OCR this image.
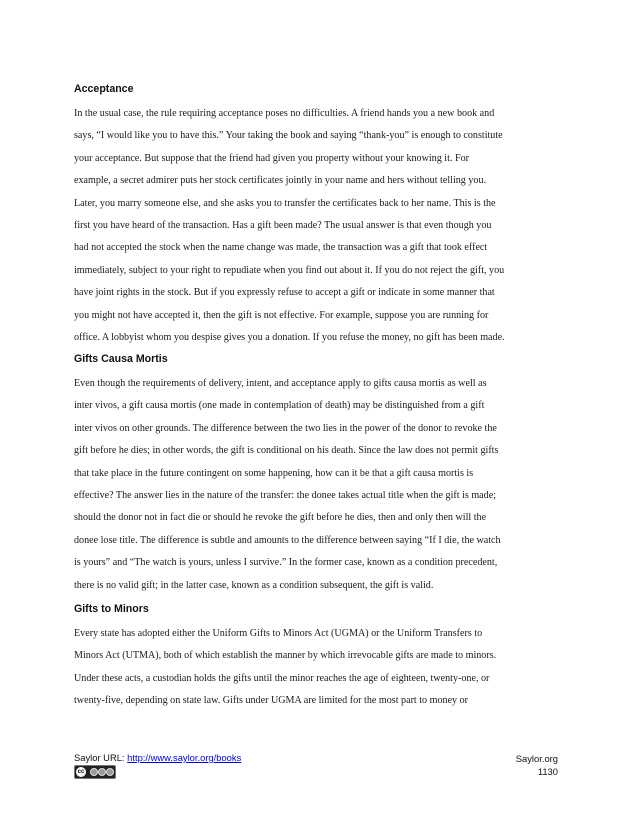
Acceptance
In the usual case, the rule requiring acceptance poses no difficulties. A friend hands you a new book and
says, “I would like you to have this.” Your taking the book and saying “thank-you” is enough to constitute
your acceptance. But suppose that the friend had given you property without your knowing it. For
example, a secret admirer puts her stock certificates jointly in your name and hers without telling you.
Later, you marry someone else, and she asks you to transfer the certificates back to her name. This is the
first you have heard of the transaction. Has a gift been made? The usual answer is that even though you
had not accepted the stock when the name change was made, the transaction was a gift that took effect
immediately, subject to your right to repudiate when you find out about it. If you do not reject the gift, you
have joint rights in the stock. But if you expressly refuse to accept a gift or indicate in some manner that
you might not have accepted it, then the gift is not effective. For example, suppose you are running for
office. A lobbyist whom you despise gives you a donation. If you refuse the money, no gift has been made.
Gifts Causa Mortis
Even though the requirements of delivery, intent, and acceptance apply to gifts causa mortis as well as
inter vivos, a gift causa mortis (one made in contemplation of death) may be distinguished from a gift
inter vivos on other grounds. The difference between the two lies in the power of the donor to revoke the
gift before he dies; in other words, the gift is conditional on his death. Since the law does not permit gifts
that take place in the future contingent on some happening, how can it be that a gift causa mortis is
effective? The answer lies in the nature of the transfer: the donee takes actual title when the gift is made;
should the donor not in fact die or should he revoke the gift before he dies, then and only then will the
donee lose title. The difference is subtle and amounts to the difference between saying “If I die, the watch
is yours” and “The watch is yours, unless I survive.” In the former case, known as a condition precedent,
there is no valid gift; in the latter case, known as a condition subsequent, the gift is valid.
Gifts to Minors
Every state has adopted either the Uniform Gifts to Minors Act (UGMA) or the Uniform Transfers to
Minors Act (UTMA), both of which establish the manner by which irrevocable gifts are made to minors.
Under these acts, a custodian holds the gifts until the minor reaches the age of eighteen, twenty-one, or
twenty-five, depending on state law. Gifts under UGMA are limited for the most part to money or
Saylor URL: http://www.saylor.org/books
cc
Saylor.org
1130
